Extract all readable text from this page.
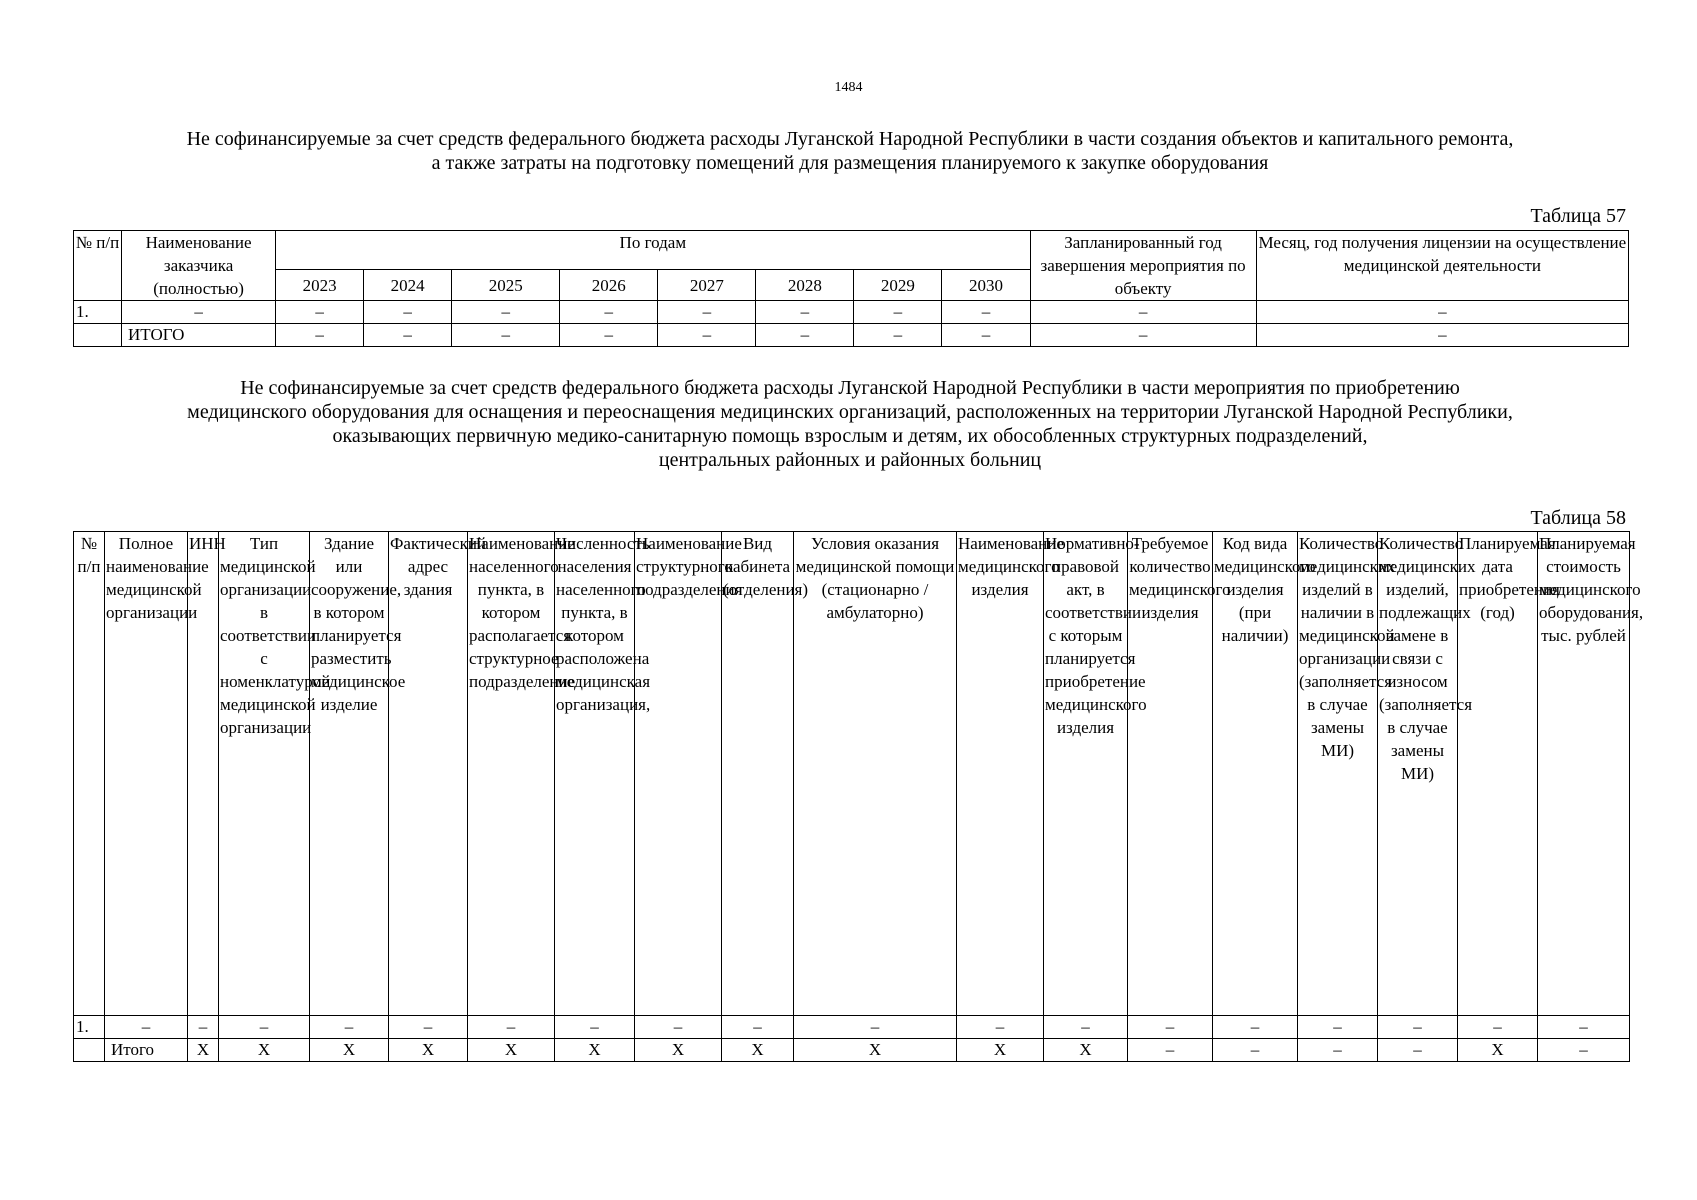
1484
Не софинансируемые за счет средств федерального бюджета расходы Луганской Народной Республики в части создания объектов и капитального ремонта,
а также затраты на подготовку помещений для размещения планируемого к закупке оборудования
Таблица 57
№ п/п	Наименование заказчика (полностью)	По годам								Запланированный год завершения мероприятия по объекту	Месяц, год получения лицензии на осуществление медицинской деятельности
		2023	2024	2025	2026	2027	2028	2029	2030		
1.	–	–	–	–	–	–	–	–	–	–	–
	ИТОГО	–	–	–	–	–	–	–	–	–	–
Не софинансируемые за счет средств федерального бюджета расходы Луганской Народной Республики в части мероприятия по приобретению
медицинского оборудования для оснащения и переоснащения медицинских организаций, расположенных на территории Луганской Народной Республики,
оказывающих первичную медико-санитарную помощь взрослым и детям, их обособленных структурных подразделений,
центральных районных и районных больниц
Таблица 58
№ п/п	Полное наименование медицинской организации	ИНН	Тип медицинской организации в соответствии с номенклатурой медицинской организации	Здание или сооружение, в котором планируется разместить медицинское изделие	Фактический адрес здания	Наименование населенного пункта, в котором располагается структурное подразделение	Численность населения населенного пункта, в котором расположена медицинская организация,	Наименование структурного подразделения	Вид кабинета (отделения)	Условия оказания медицинской помощи (стационарно / амбулаторно)	Наименование медицинского изделия	Нормативно-правовой акт, в соответствии с которым планируется приобретение медицинского изделия	Требуемое количество медицинского изделия	Код вида медицинского изделия (при наличии)	Количество медицинских изделий в наличии в медицинской организации (заполняется в случае замены МИ)	Количество медицинских изделий, подлежащих замене в связи с износом (заполняется в случае замены МИ)	Планируемая дата приобретения (год)	Планируемая стоимость медицинского оборудования, тыс. рублей
1.	–	–	–	–	–	–	–	–	–	–	–	–	–	–	–	–	–	–
	Итого	Х	Х	Х	Х	Х	Х	Х	Х	Х	Х	Х	–	–	–	–	Х	–
